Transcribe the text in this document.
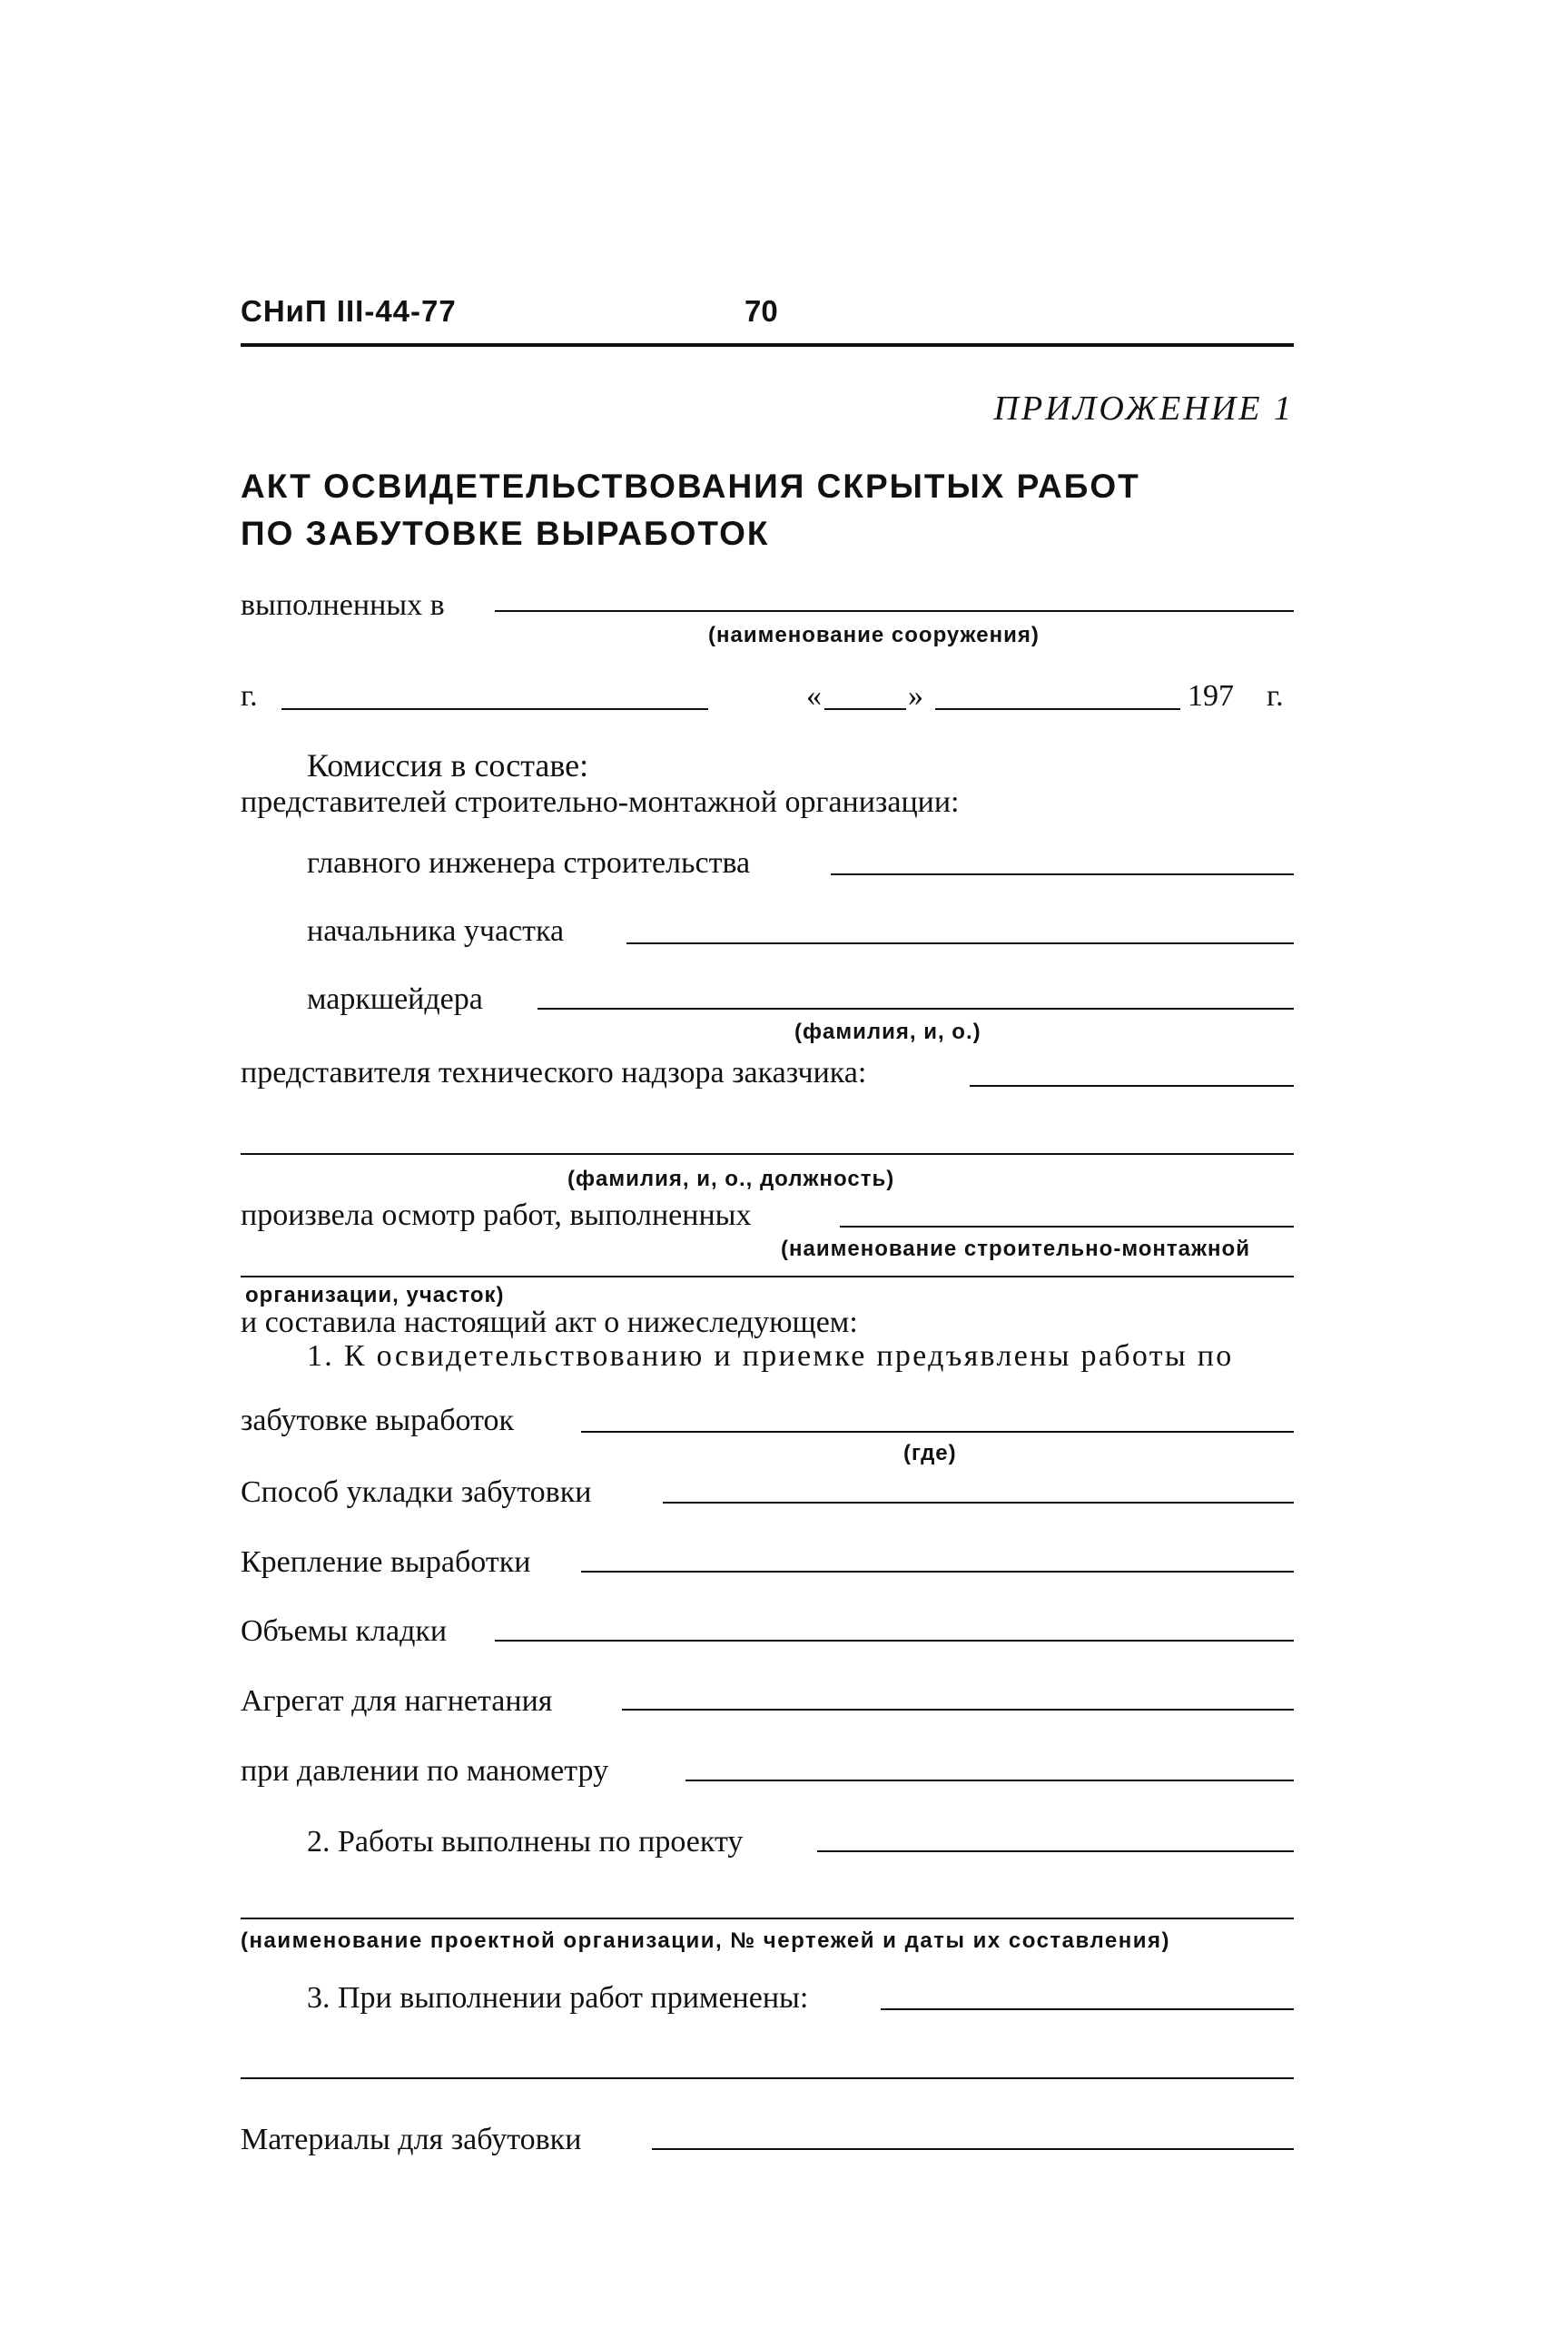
СНиП III-44-77	70
ПРИЛОЖЕНИЕ 1
АКТ ОСВИДЕТЕЛЬСТВОВАНИЯ СКРЫТЫХ РАБОТ
ПО ЗАБУТОВКЕ ВЫРАБОТОК
выполненных в
(наименование сооружения)
г.	«	»	197 г.
Комиссия в составе:
представителей строительно-монтажной организации:
главного инженера строительства
начальника участка
маркшейдера
(фамилия, и, о.)
представителя технического надзора заказчика:
(фамилия, и, о., должность)
произвела осмотр работ, выполненных
(наименование строительно-монтажной
организации, участок)
и составила настоящий акт о нижеследующем:
1. К освидетельствованию и приемке предъявлены работы по
забутовке выработок
(где)
Способ укладки забутовки
Крепление выработки
Объемы кладки
Агрегат для нагнетания
при давлении по манометру
2. Работы выполнены по проекту
(наименование проектной организации, № чертежей и даты их составления)
3. При выполнении работ применены:
Материалы для забутовки
